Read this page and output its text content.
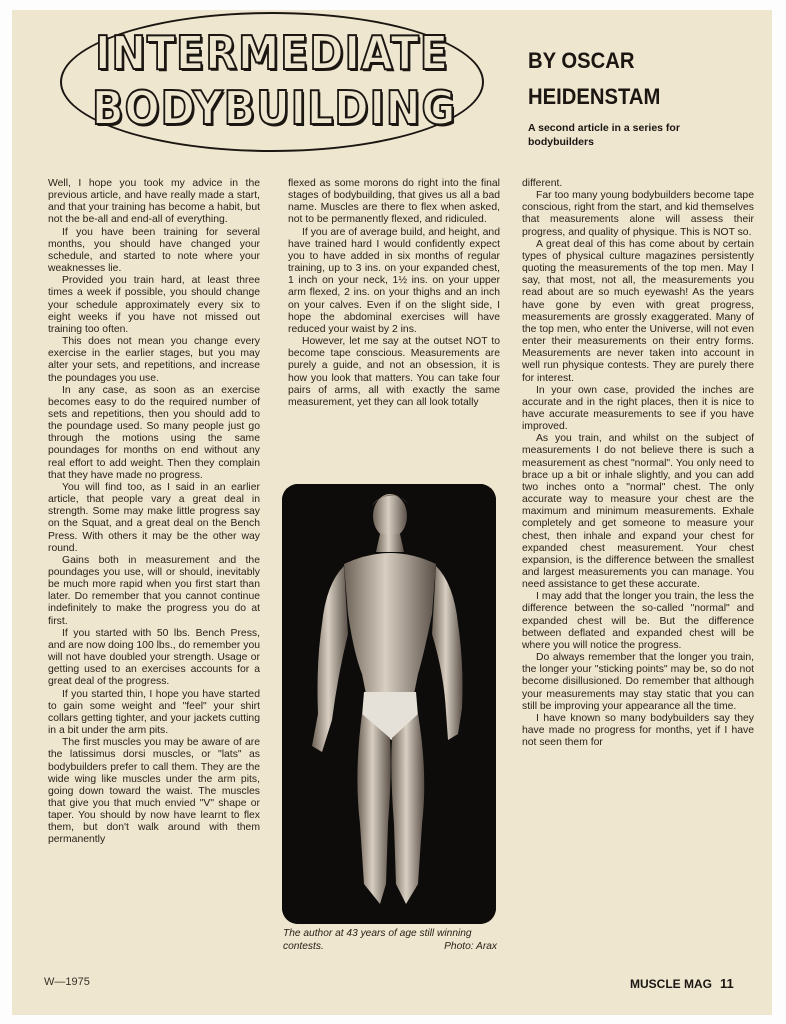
INTERMEDIATE
BODYBUILDING
BY OSCAR
HEIDENSTAM
A second article in a series for bodybuilders

Well, I hope you took my advice in the previous article, and have really made a start, and that your training has become a habit, but not the be-all and end-all of everything.

If you have been training for several months, you should have changed your schedule, and started to note where your weaknesses lie.

Provided you train hard, at least three times a week if possible, you should change your schedule approximately every six to eight weeks if you have not missed out training too often.

This does not mean you change every exercise in the earlier stages, but you may alter your sets, and repetitions, and increase the poundages you use.

In any case, as soon as an exercise becomes easy to do the required number of sets and repetitions, then you should add to the poundage used. So many people just go through the motions using the same poundages for months on end without any real effort to add weight. Then they complain that they have made no progress.

You will find too, as I said in an earlier article, that people vary a great deal in strength. Some may make little progress say on the Squat, and a great deal on the Bench Press. With others it may be the other way round.

Gains both in measurement and the poundages you use, will or should, inevitably be much more rapid when you first start than later. Do remember that you cannot continue indefinitely to make the progress you do at first.

If you started with 50 lbs. Bench Press, and are now doing 100 lbs., do remember you will not have doubled your strength. Usage or getting used to an exercises accounts for a great deal of the progress.

If you started thin, I hope you have started to gain some weight and "feel" your shirt collars getting tighter, and your jackets cutting in a bit under the arm pits.

The first muscles you may be aware of are the latissimus dorsi muscles, or "lats" as bodybuilders prefer to call them. They are the wide wing like muscles under the arm pits, going down toward the waist. The muscles that give you that much envied "V" shape or taper. You should by now have learnt to flex them, but don't walk around with them permanently

flexed as some morons do right into the final stages of bodybuilding, that gives us all a bad name. Muscles are there to flex when asked, not to be permanently flexed, and ridiculed.

If you are of average build, and height, and have trained hard I would confidently expect you to have added in six months of regular training, up to 3 ins. on your expanded chest, 1 inch on your neck, 1½ ins. on your upper arm flexed, 2 ins. on your thighs and an inch on your calves. Even if on the slight side, I hope the abdominal exercises will have reduced your waist by 2 ins.

However, let me say at the outset NOT to become tape conscious. Measurements are purely a guide, and not an obsession, it is how you look that matters. You can take four pairs of arms, all with exactly the same measurement, yet they can all look totally

The author at 43 years of age still winning contests.	Photo: Arax

different.

Far too many young bodybuilders become tape conscious, right from the start, and kid themselves that measurements alone will assess their progress, and quality of physique. This is NOT so.

A great deal of this has come about by certain types of physical culture magazines persistently quoting the measurements of the top men. May I say, that most, not all, the measurements you read about are so much eyewash! As the years have gone by even with great progress, measurements are grossly exaggerated. Many of the top men, who enter the Universe, will not even enter their measurements on their entry forms. Measurements are never taken into account in well run physique contests. They are purely there for interest.

In your own case, provided the inches are accurate and in the right places, then it is nice to have accurate measurements to see if you have improved.

As you train, and whilst on the subject of measurements I do not believe there is such a measurement as chest "normal". You only need to brace up a bit or inhale slightly, and you can add two inches onto a "normal" chest. The only accurate way to measure your chest are the maximum and minimum measurements. Exhale completely and get someone to measure your chest, then inhale and expand your chest for expanded chest measurement. Your chest expansion, is the difference between the smallest and largest measurements you can manage. You need assistance to get these accurate.

I may add that the longer you train, the less the difference between the so-called "normal" and expanded chest will be. But the difference between deflated and expanded chest will be where you will notice the progress.

Do always remember that the longer you train, the longer your "sticking points" may be, so do not become disillusioned. Do remember that although your measurements may stay static that you can still be improving your appearance all the time.

I have known so many bodybuilders say they have made no progress for months, yet if I have not seen them for

W—1975	MUSCLE MAG 11
